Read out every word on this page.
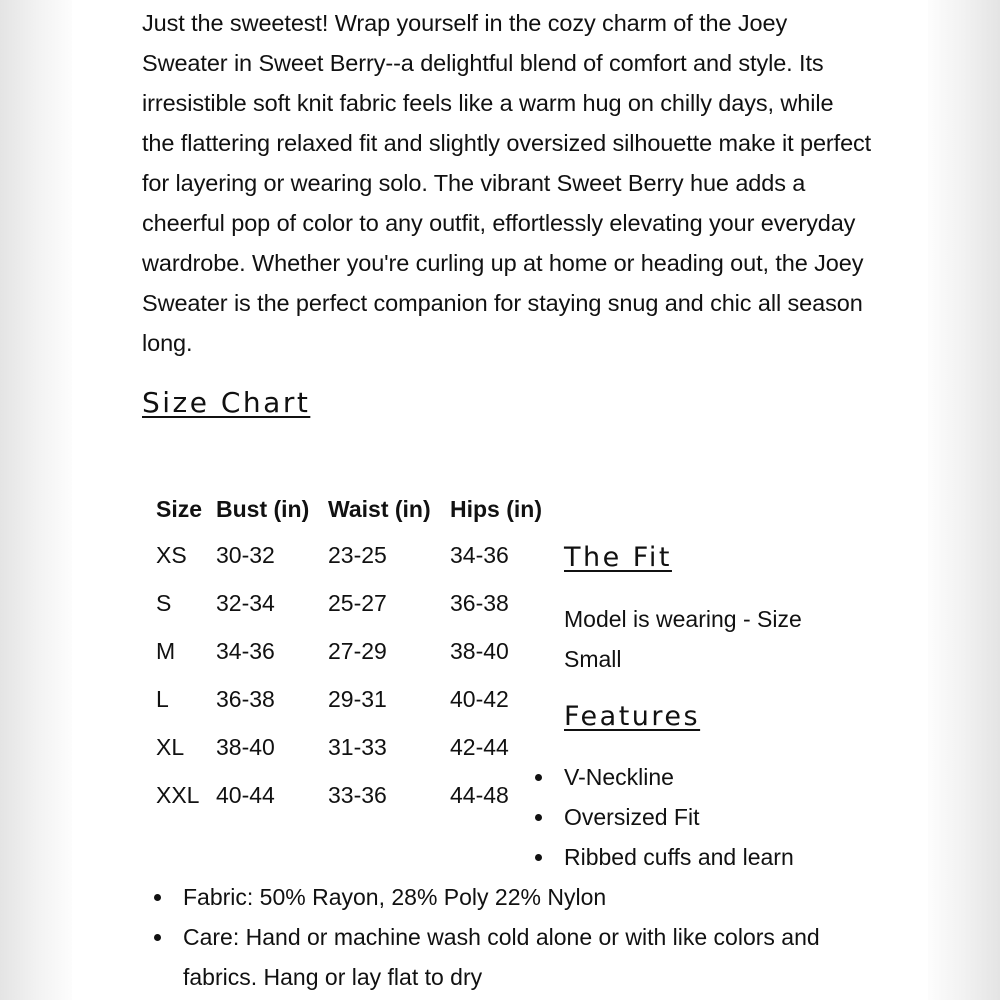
Just the sweetest! Wrap yourself in the cozy charm of the Joey Sweater in Sweet Berry--a delightful blend of comfort and style. Its irresistible soft knit fabric feels like a warm hug on chilly days, while the flattering relaxed fit and slightly oversized silhouette make it perfect for layering or wearing solo. The vibrant Sweet Berry hue adds a cheerful pop of color to any outfit, effortlessly elevating your everyday wardrobe. Whether you're curling up at home or heading out, the Joey Sweater is the perfect companion for staying snug and chic all season long.

Size Chart
Size	Bust (in)	Waist (in)	Hips (in)
XS	30-32	23-25	34-36
S	32-34	25-27	36-38
M	34-36	27-29	38-40
L	36-38	29-31	40-42
XL	38-40	31-33	42-44
XXL	40-44	33-36	44-48
The Fit

Model is wearing - Size Small

Features
V-Neckline
Oversized Fit
Ribbed cuffs and learn
Fabric: 50% Rayon, 28% Poly 22% Nylon
Care: Hand or machine wash cold alone or with like colors and fabrics. Hang or lay flat to dry
